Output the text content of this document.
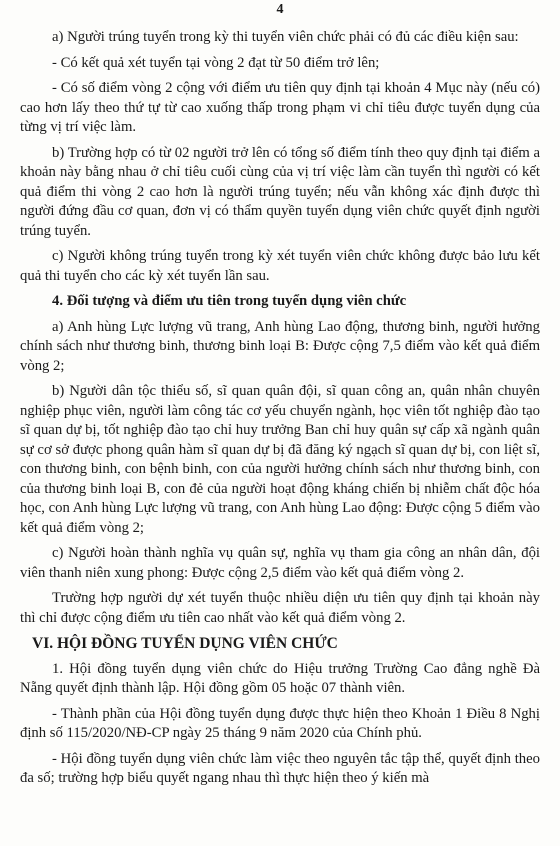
4

a) Người trúng tuyển trong kỳ thi tuyển viên chức phải có đủ các điều kiện sau:

- Có kết quả xét tuyển tại vòng 2 đạt từ 50 điểm trở lên;

- Có số điểm vòng 2 cộng với điểm ưu tiên quy định tại khoản 4 Mục này (nếu có) cao hơn lấy theo thứ tự từ cao xuống thấp trong phạm vi chỉ tiêu được tuyển dụng của từng vị trí việc làm.

b) Trường hợp có từ 02 người trở lên có tổng số điểm tính theo quy định tại điểm a khoản này bằng nhau ở chỉ tiêu cuối cùng của vị trí việc làm cần tuyển thì người có kết quả điểm thi vòng 2 cao hơn là người trúng tuyển; nếu vẫn không xác định được thì người đứng đầu cơ quan, đơn vị có thẩm quyền tuyển dụng viên chức quyết định người trúng tuyển.

c) Người không trúng tuyển trong kỳ xét tuyển viên chức không được bảo lưu kết quả thi tuyển cho các kỳ xét tuyển lần sau.

4. Đối tượng và điểm ưu tiên trong tuyển dụng viên chức

a) Anh hùng Lực lượng vũ trang, Anh hùng Lao động, thương binh, người hưởng chính sách như thương binh, thương binh loại B: Được cộng 7,5 điểm vào kết quả điểm vòng 2;

b) Người dân tộc thiểu số, sĩ quan quân đội, sĩ quan công an, quân nhân chuyên nghiệp phục viên, người làm công tác cơ yếu chuyển ngành, học viên tốt nghiệp đào tạo sĩ quan dự bị, tốt nghiệp đào tạo chỉ huy trưởng Ban chỉ huy quân sự cấp xã ngành quân sự cơ sở được phong quân hàm sĩ quan dự bị đã đăng ký ngạch sĩ quan dự bị, con liệt sĩ, con thương binh, con bệnh binh, con của người hưởng chính sách như thương binh, con của thương binh loại B, con đẻ của người hoạt động kháng chiến bị nhiễm chất độc hóa học, con Anh hùng Lực lượng vũ trang, con Anh hùng Lao động: Được cộng 5 điểm vào kết quả điểm vòng 2;

c) Người hoàn thành nghĩa vụ quân sự, nghĩa vụ tham gia công an nhân dân, đội viên thanh niên xung phong: Được cộng 2,5 điểm vào kết quả điểm vòng 2.

Trường hợp người dự xét tuyển thuộc nhiều diện ưu tiên quy định tại khoản này thì chỉ được cộng điểm ưu tiên cao nhất vào kết quả điểm vòng 2.

VI. HỘI ĐỒNG TUYỂN DỤNG VIÊN CHỨC

1. Hội đồng tuyển dụng viên chức do Hiệu trưởng Trường Cao đẳng nghề Đà Nẵng quyết định thành lập. Hội đồng gồm 05 hoặc 07 thành viên.

- Thành phần của Hội đồng tuyển dụng được thực hiện theo Khoản 1 Điều 8 Nghị định số 115/2020/NĐ-CP ngày 25 tháng 9 năm 2020 của Chính phủ.

- Hội đồng tuyển dụng viên chức làm việc theo nguyên tắc tập thể, quyết định theo đa số; trường hợp biểu quyết ngang nhau thì thực hiện theo ý kiến mà
